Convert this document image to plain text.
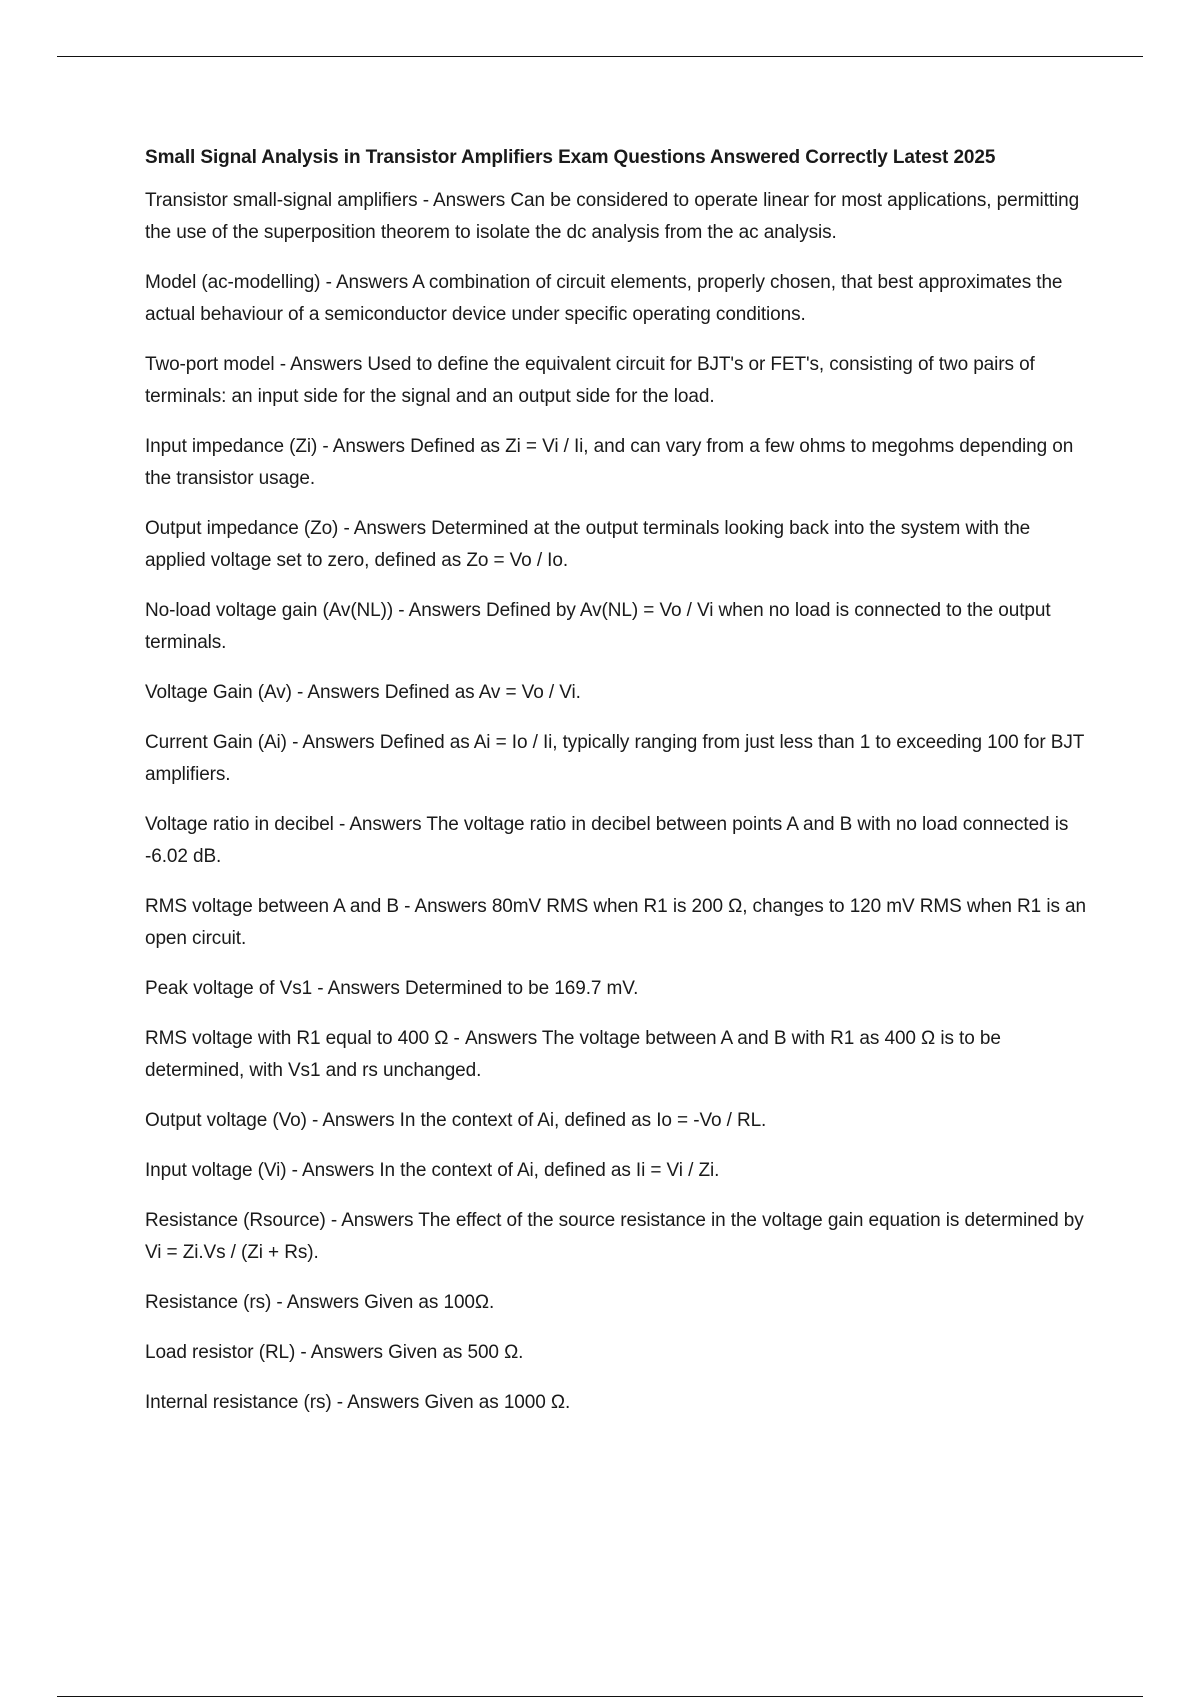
Small Signal Analysis in Transistor Amplifiers Exam Questions Answered Correctly Latest 2025

Transistor small-signal amplifiers - Answers Can be considered to operate linear for most applications, permitting the use of the superposition theorem to isolate the dc analysis from the ac analysis.

Model (ac-modelling) - Answers A combination of circuit elements, properly chosen, that best approximates the actual behaviour of a semiconductor device under specific operating conditions.

Two-port model - Answers Used to define the equivalent circuit for BJT's or FET's, consisting of two pairs of terminals: an input side for the signal and an output side for the load.

Input impedance (Zi) - Answers Defined as Zi = Vi / Ii, and can vary from a few ohms to megohms depending on the transistor usage.

Output impedance (Zo) - Answers Determined at the output terminals looking back into the system with the applied voltage set to zero, defined as Zo = Vo / Io.

No-load voltage gain (Av(NL)) - Answers Defined by Av(NL) = Vo / Vi when no load is connected to the output terminals.

Voltage Gain (Av) - Answers Defined as Av = Vo / Vi.

Current Gain (Ai) - Answers Defined as Ai = Io / Ii, typically ranging from just less than 1 to exceeding 100 for BJT amplifiers.

Voltage ratio in decibel - Answers The voltage ratio in decibel between points A and B with no load connected is -6.02 dB.

RMS voltage between A and B - Answers 80mV RMS when R1 is 200 Ω, changes to 120 mV RMS when R1 is an open circuit.

Peak voltage of Vs1 - Answers Determined to be 169.7 mV.

RMS voltage with R1 equal to 400 Ω - Answers The voltage between A and B with R1 as 400 Ω is to be determined, with Vs1 and rs unchanged.

Output voltage (Vo) - Answers In the context of Ai, defined as Io = -Vo / RL.

Input voltage (Vi) - Answers In the context of Ai, defined as Ii = Vi / Zi.

Resistance (Rsource) - Answers The effect of the source resistance in the voltage gain equation is determined by Vi = Zi.Vs / (Zi + Rs).

Resistance (rs) - Answers Given as 100Ω.

Load resistor (RL) - Answers Given as 500 Ω.

Internal resistance (rs) - Answers Given as 1000 Ω.
